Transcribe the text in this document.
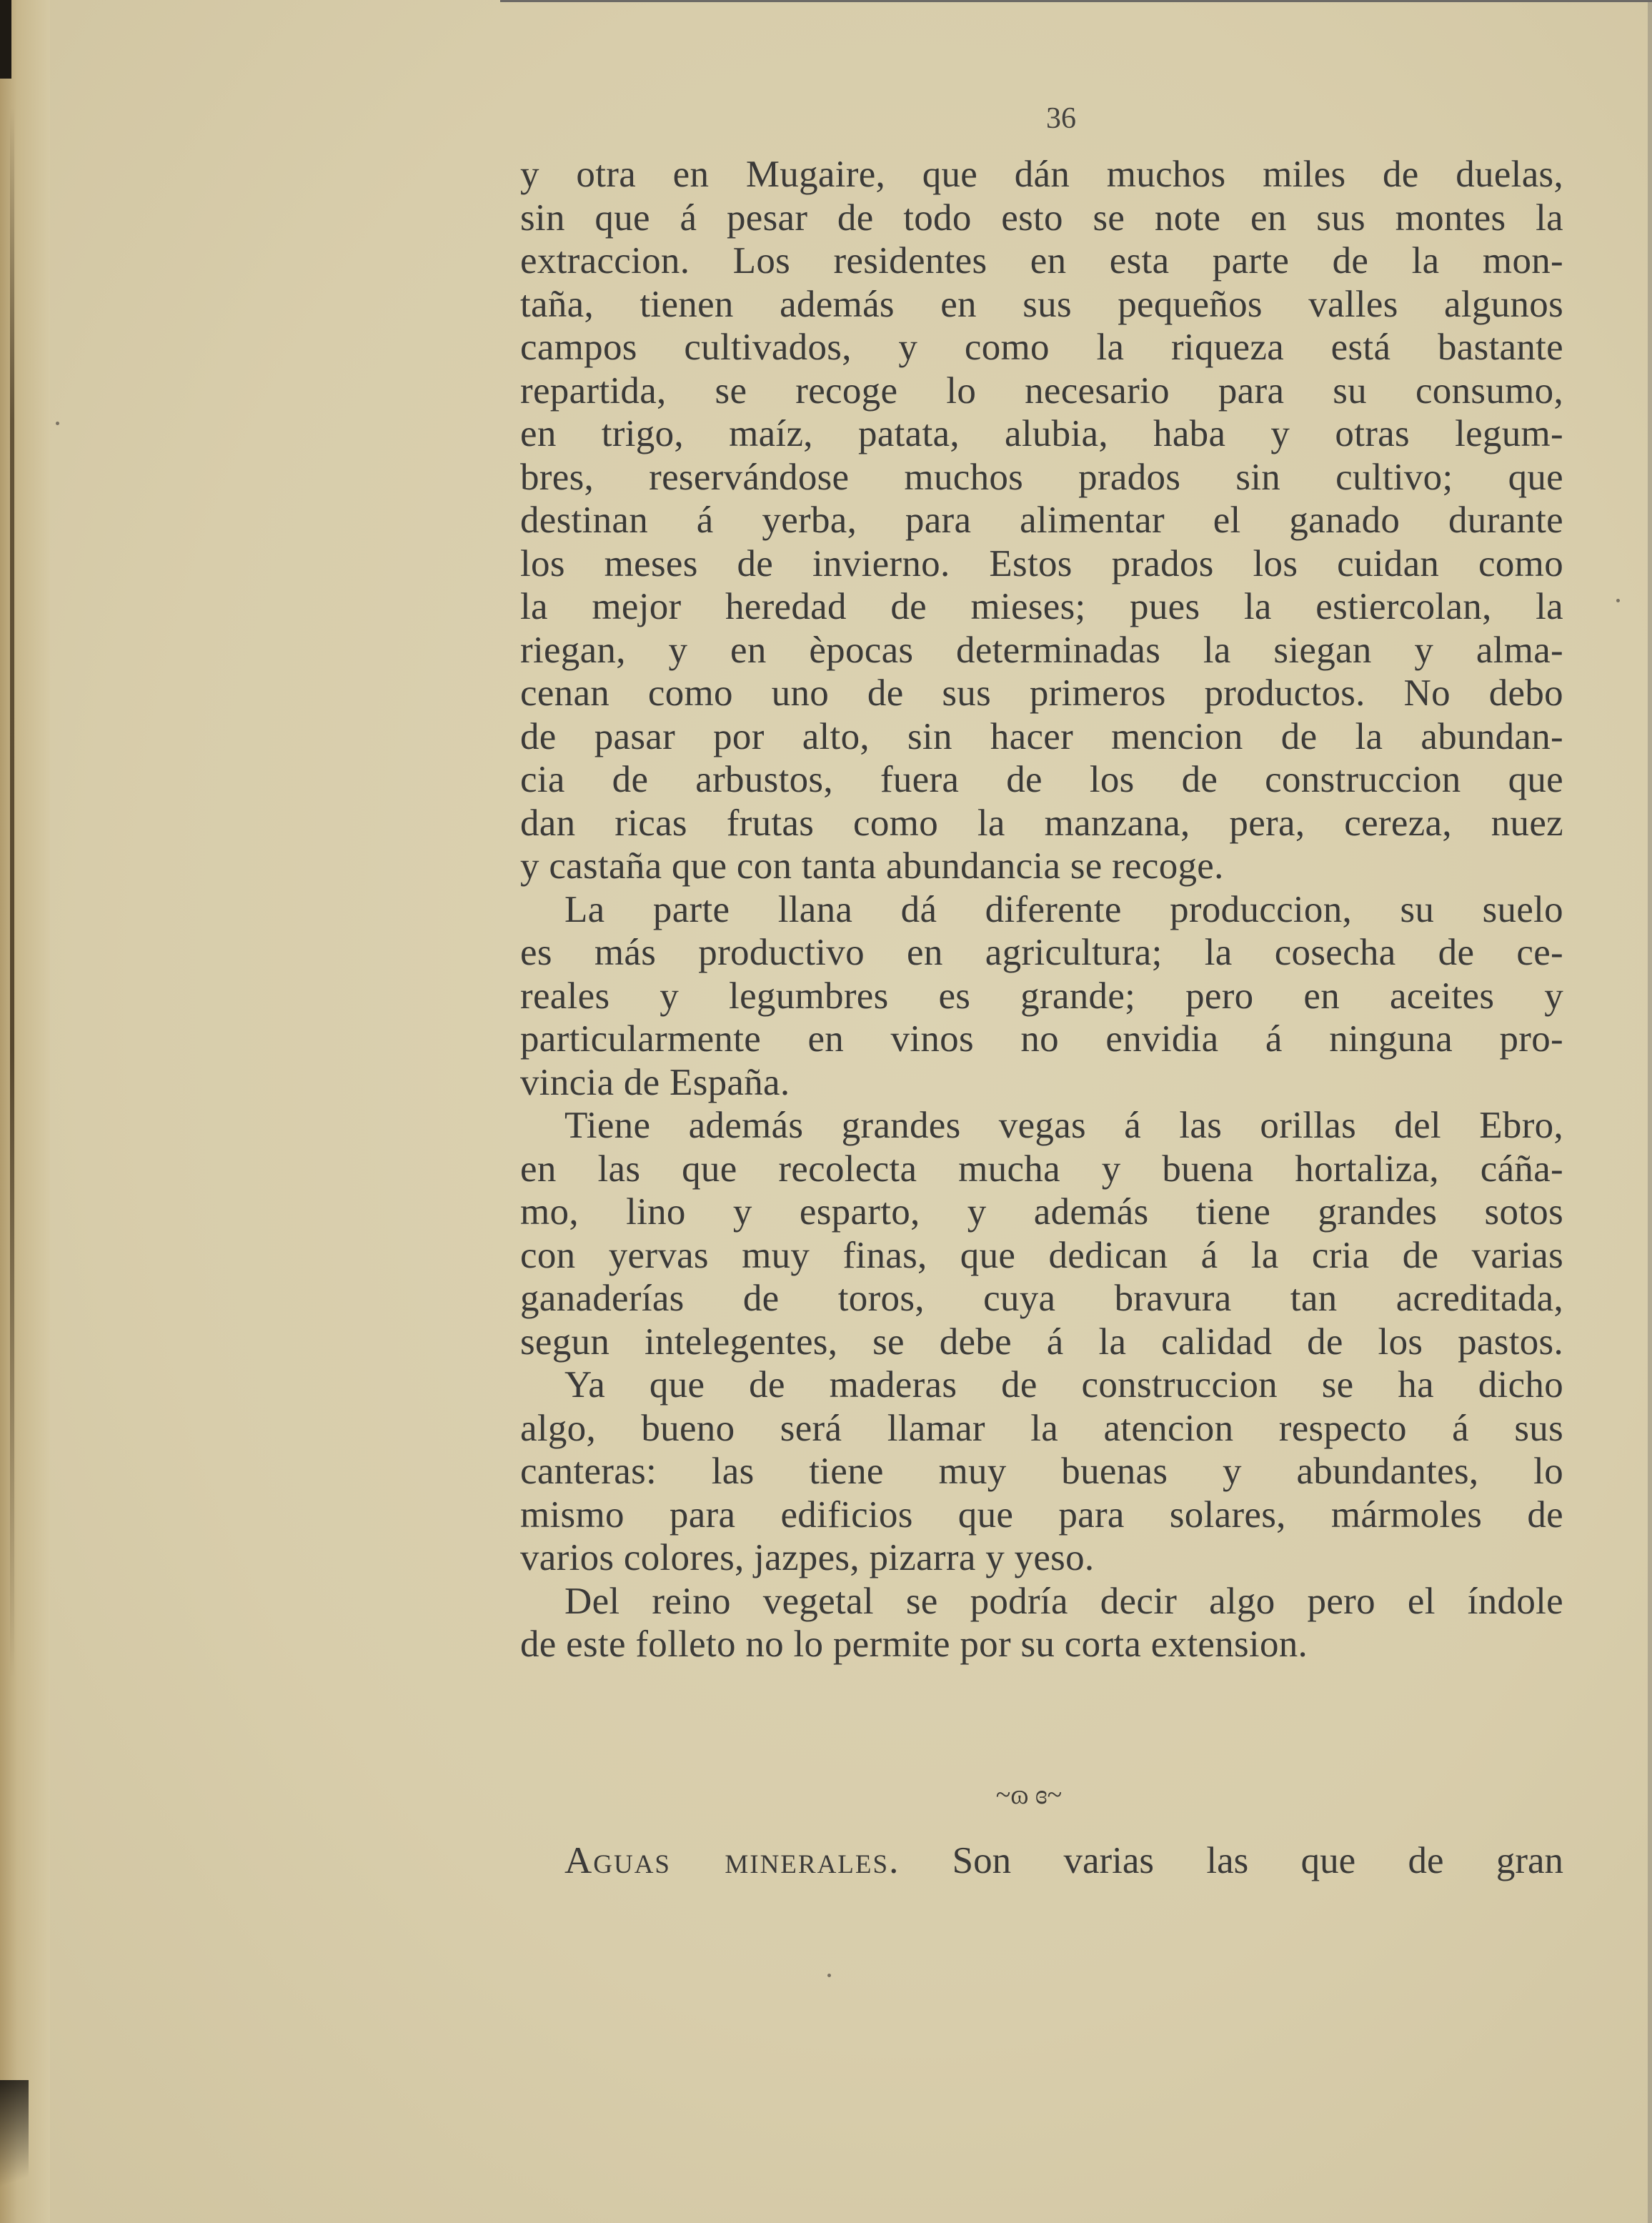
36
y otra en Mugaire, que dán muchos miles de duelas,
sin que á pesar de todo esto se note en sus montes la
extraccion. Los residentes en esta parte de la mon-
taña, tienen además en sus pequeños valles algunos
campos cultivados, y como la riqueza está bastante
repartida, se recoge lo necesario para su consumo,
en trigo, maíz, patata, alubia, haba y otras legum-
bres, reservándose muchos prados sin cultivo; que
destinan á yerba, para alimentar el ganado durante
los meses de invierno. Estos prados los cuidan como
la mejor heredad de mieses; pues la estiercolan, la
riegan, y en èpocas determinadas la siegan y alma-
cenan como uno de sus primeros productos. No debo
de pasar por alto, sin hacer mencion de la abundan-
cia de arbustos, fuera de los de construccion que
dan ricas frutas como la manzana, pera, cereza, nuez
y castaña que con tanta abundancia se recoge.
La parte llana dá diferente produccion, su suelo
es más productivo en agricultura; la cosecha de ce-
reales y legumbres es grande; pero en aceites y
particularmente en vinos no envidia á ninguna pro-
vincia de España.
Tiene además grandes vegas á las orillas del Ebro,
en las que recolecta mucha y buena hortaliza, cáña-
mo, lino y esparto, y además tiene grandes sotos
con yervas muy finas, que dedican á la cria de varias
ganaderías de toros, cuya bravura tan acreditada,
segun intelegentes, se debe á la calidad de los pastos.
Ya que de maderas de construccion se ha dicho
algo, bueno será llamar la atencion respecto á sus
canteras: las tiene muy buenas y abundantes, lo
mismo para edificios que para solares, mármoles de
varios colores, jazpes, pizarra y yeso.
Del reino vegetal se podría decir algo pero el índole
de este folleto no lo permite por su corta extension.
~ɷ ɞ~
Aguas minerales. Son varias las que de gran
